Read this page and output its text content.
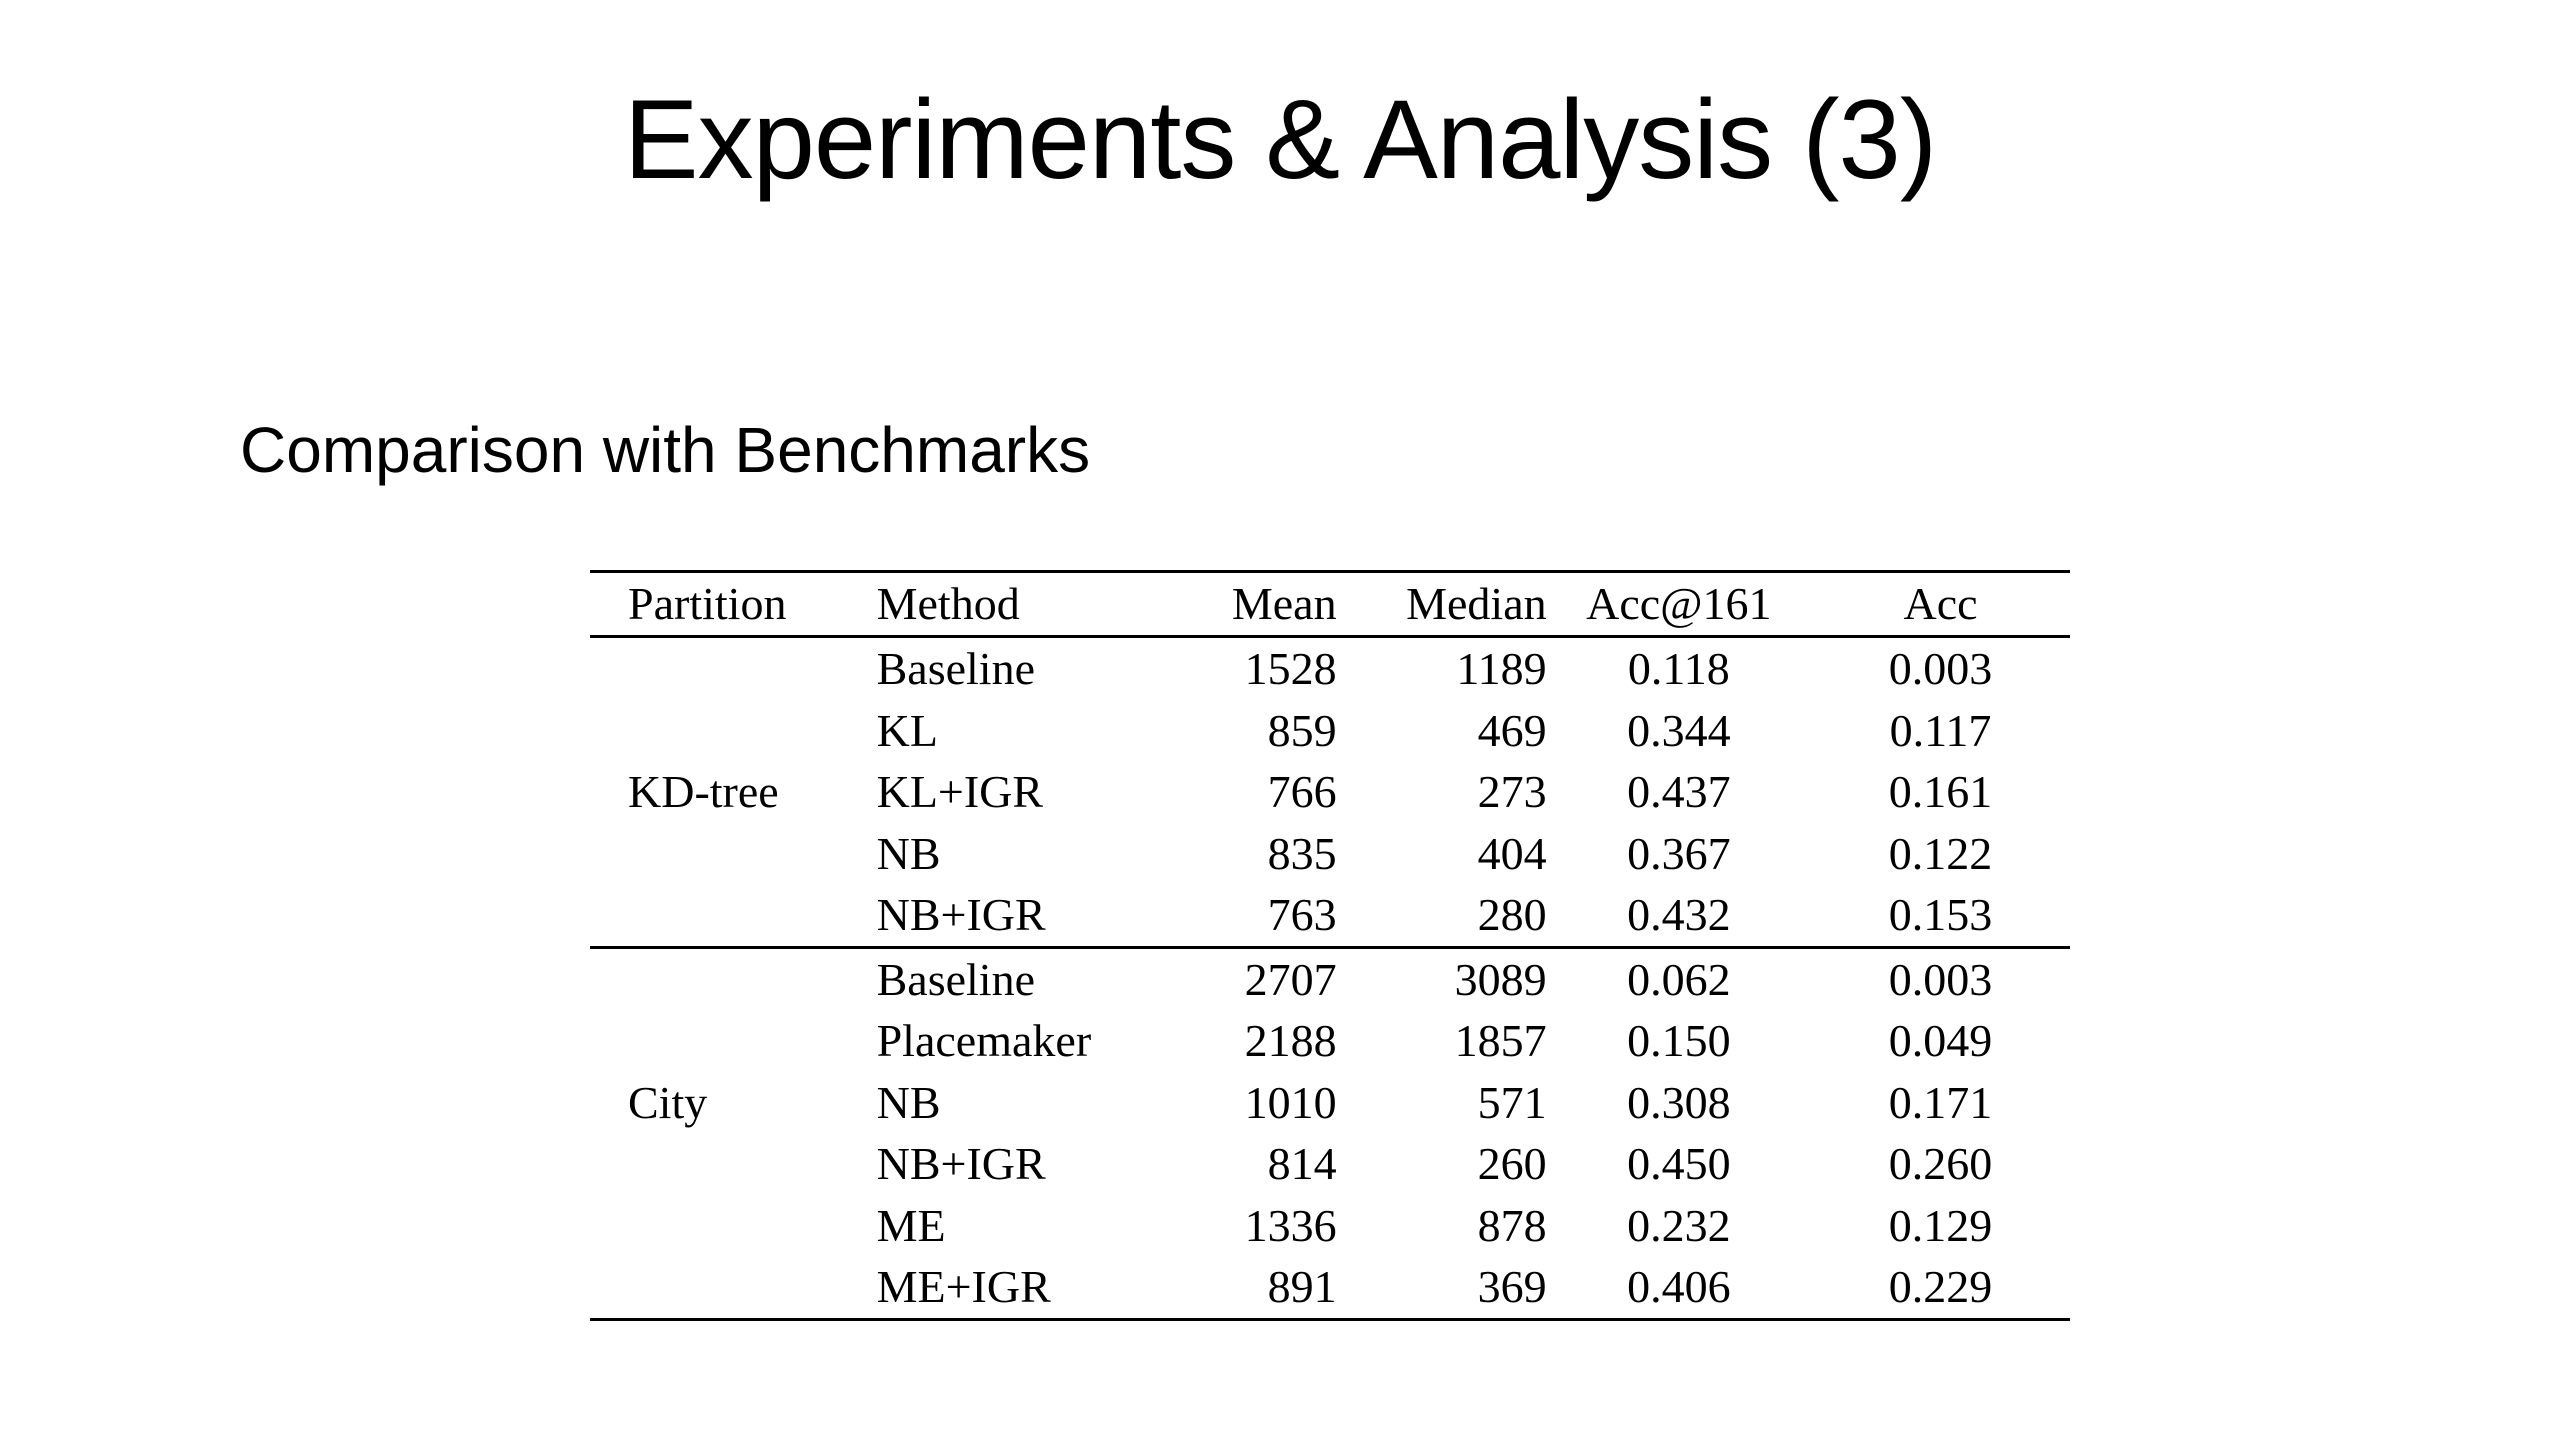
Experiments & Analysis (3)
Comparison with Benchmarks
Partition	Method	Mean	Median	Acc@161	Acc
	Baseline	1528	1189	0.118	0.003
	KL	859	469	0.344	0.117
KD-tree	KL+IGR	766	273	0.437	0.161
	NB	835	404	0.367	0.122
	NB+IGR	763	280	0.432	0.153
	Baseline	2707	3089	0.062	0.003
	Placemaker	2188	1857	0.150	0.049
City	NB	1010	571	0.308	0.171
	NB+IGR	814	260	0.450	0.260
	ME	1336	878	0.232	0.129
	ME+IGR	891	369	0.406	0.229
